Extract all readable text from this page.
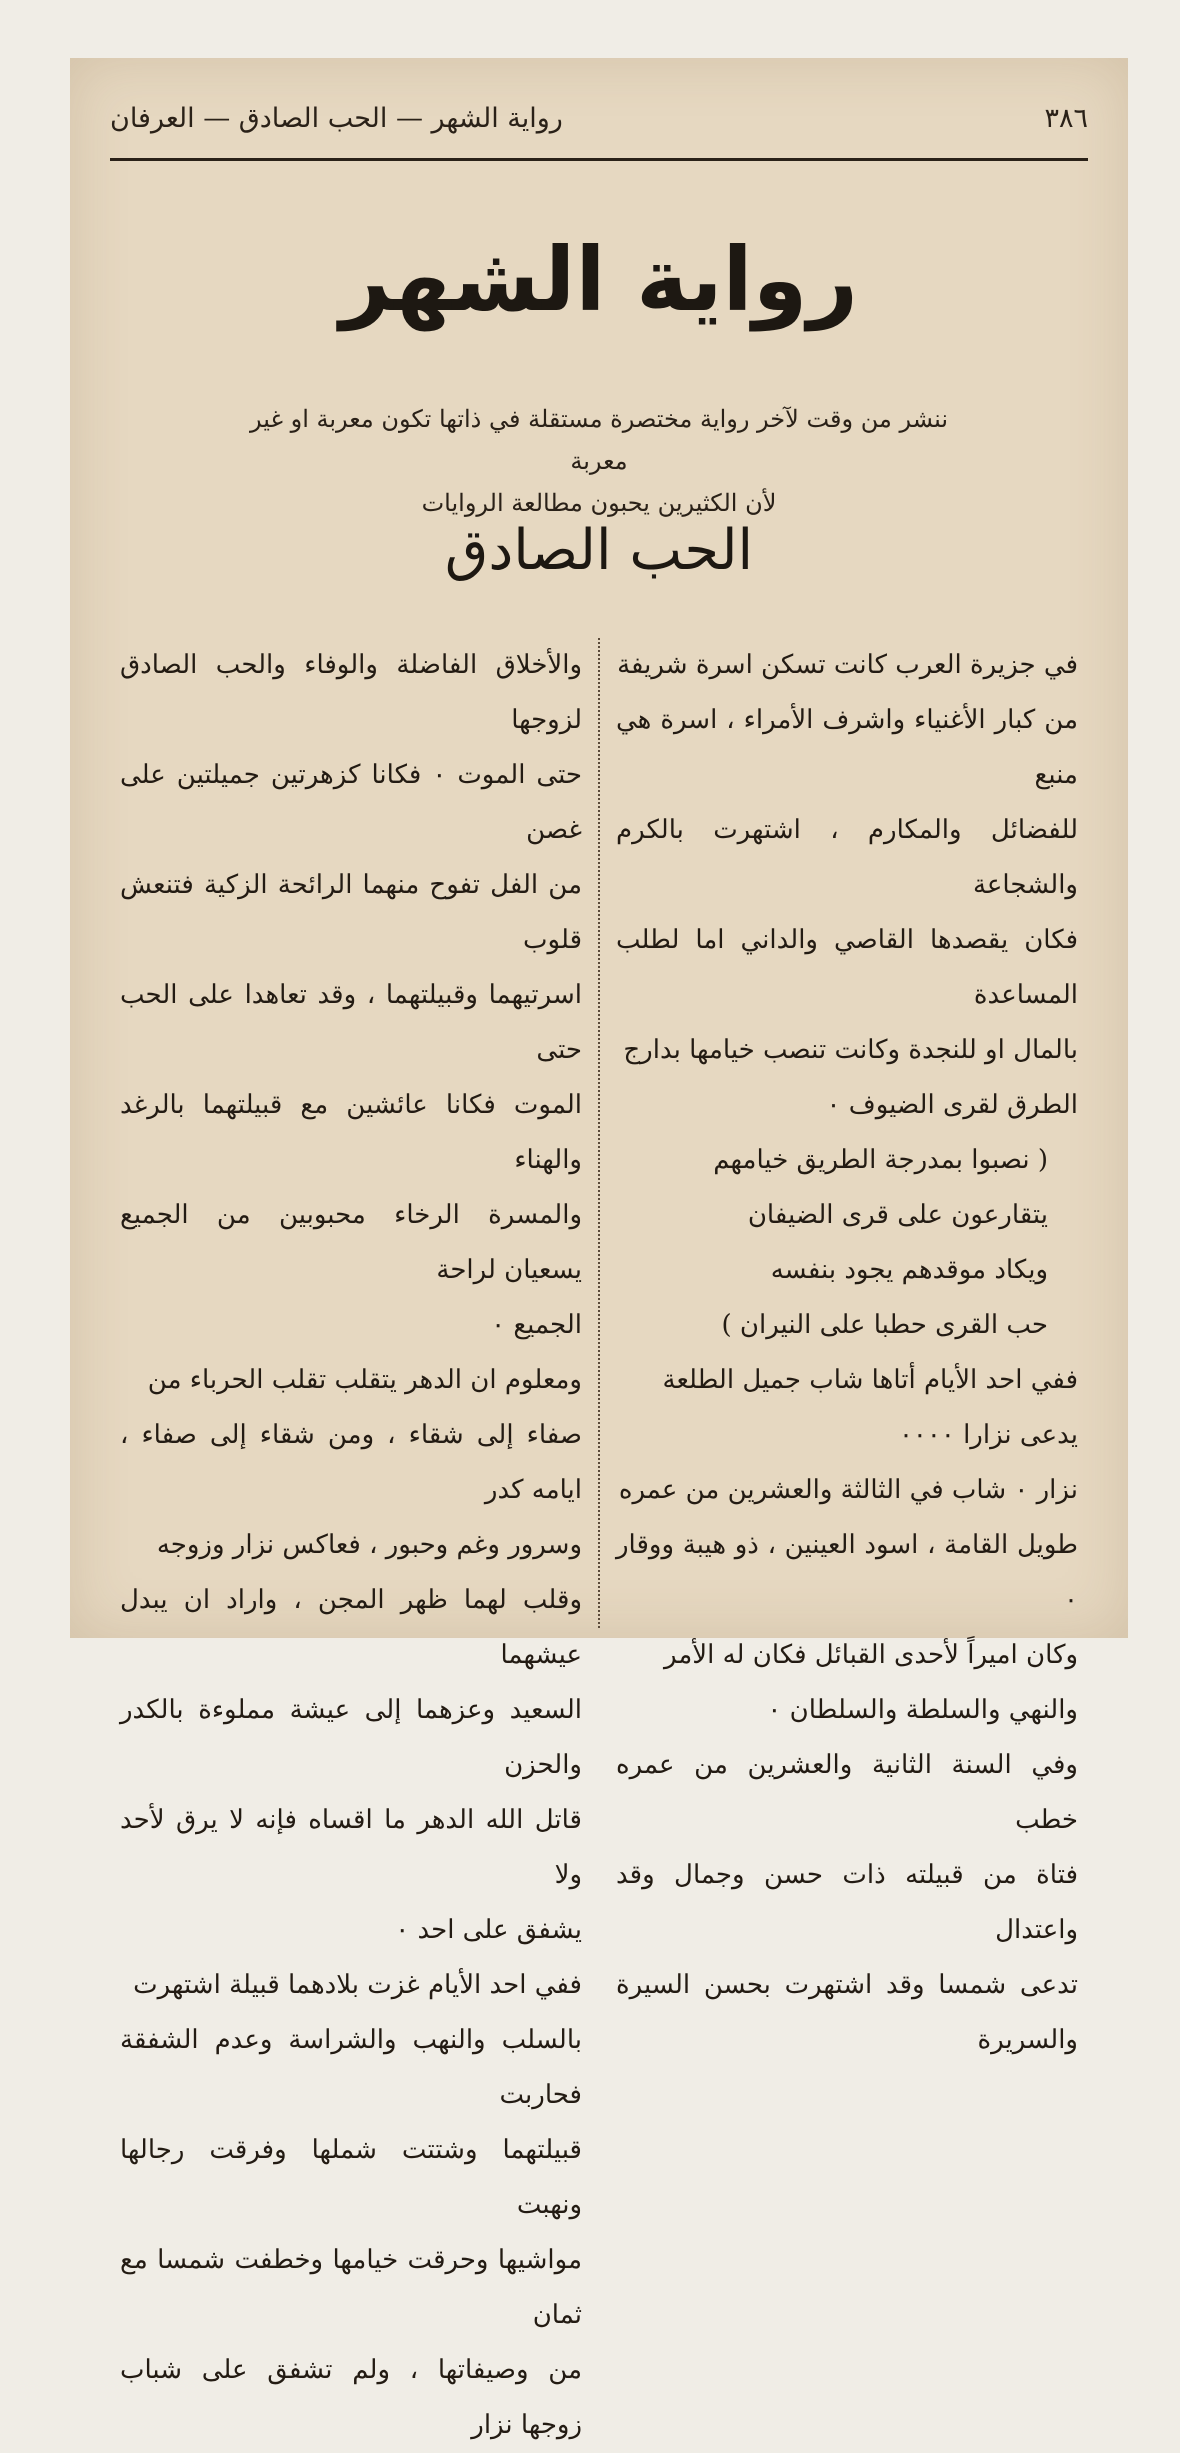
٣٨٦
رواية الشهر — الحب الصادق — العرفان
رواية الشهر
ننشر من وقت لآخر رواية مختصرة مستقلة في ذاتها تكون معربة او غير معربة
لأن الكثيرين يحبون مطالعة الروايات
الحب الصادق

في جزيرة العرب كانت تسكن اسرة شريفة

من كبار الأغنياء واشرف الأمراء ، اسرة هي منبع

للفضائل والمكارم ، اشتهرت بالكرم والشجاعة

فكان يقصدها القاصي والداني اما لطلب المساعدة

بالمال او للنجدة وكانت تنصب خيامها بدارج

الطرق لقرى الضيوف ٠

( نصبوا بمدرجة الطريق خيامهم

يتقارعون على قرى الضيفان

ويكاد موقدهم يجود بنفسه

حب القرى حطبا على النيران )

ففي احد الأيام أتاها شاب جميل الطلعة

يدعى نزارا ٠٠٠٠

نزار ٠ شاب في الثالثة والعشرين من عمره

طويل القامة ، اسود العينين ، ذو هيبة ووقار ٠

وكان اميراً لأحدى القبائل فكان له الأمر

والنهي والسلطة والسلطان ٠

وفي السنة الثانية والعشرين من عمره خطب

فتاة من قبيلته ذات حسن وجمال وقد واعتدال

تدعى شمسا وقد اشتهرت بحسن السيرة والسريرة

والأخلاق الفاضلة والوفاء والحب الصادق لزوجها

حتى الموت ٠ فكانا كزهرتين جميلتين على غصن

من الفل تفوح منهما الرائحة الزكية فتنعش قلوب

اسرتيهما وقبيلتهما ، وقد تعاهدا على الحب حتى

الموت فكانا عائشين مع قبيلتهما بالرغد والهناء

والمسرة الرخاء محبوبين من الجميع يسعيان لراحة

الجميع ٠

ومعلوم ان الدهر يتقلب تقلب الحرباء من

صفاء إلى شقاء ، ومن شقاء إلى صفاء ، ايامه كدر

وسرور وغم وحبور ، فعاكس نزار وزوجه

وقلب لهما ظهر المجن ، واراد ان يبدل عيشهما

السعيد وعزهما إلى عيشة مملوءة بالكدر والحزن

قاتل الله الدهر ما اقساه فإنه لا يرق لأحد ولا

يشفق على احد ٠

ففي احد الأيام غزت بلادهما قبيلة اشتهرت

بالسلب والنهب والشراسة وعدم الشفقة فحاربت

قبيلتهما وشتتت شملها وفرقت رجالها ونهبت

مواشيها وحرقت خيامها وخطفت شمسا مع ثمان

من وصيفاتها ، ولم تشفق على شباب زوجها نزار
